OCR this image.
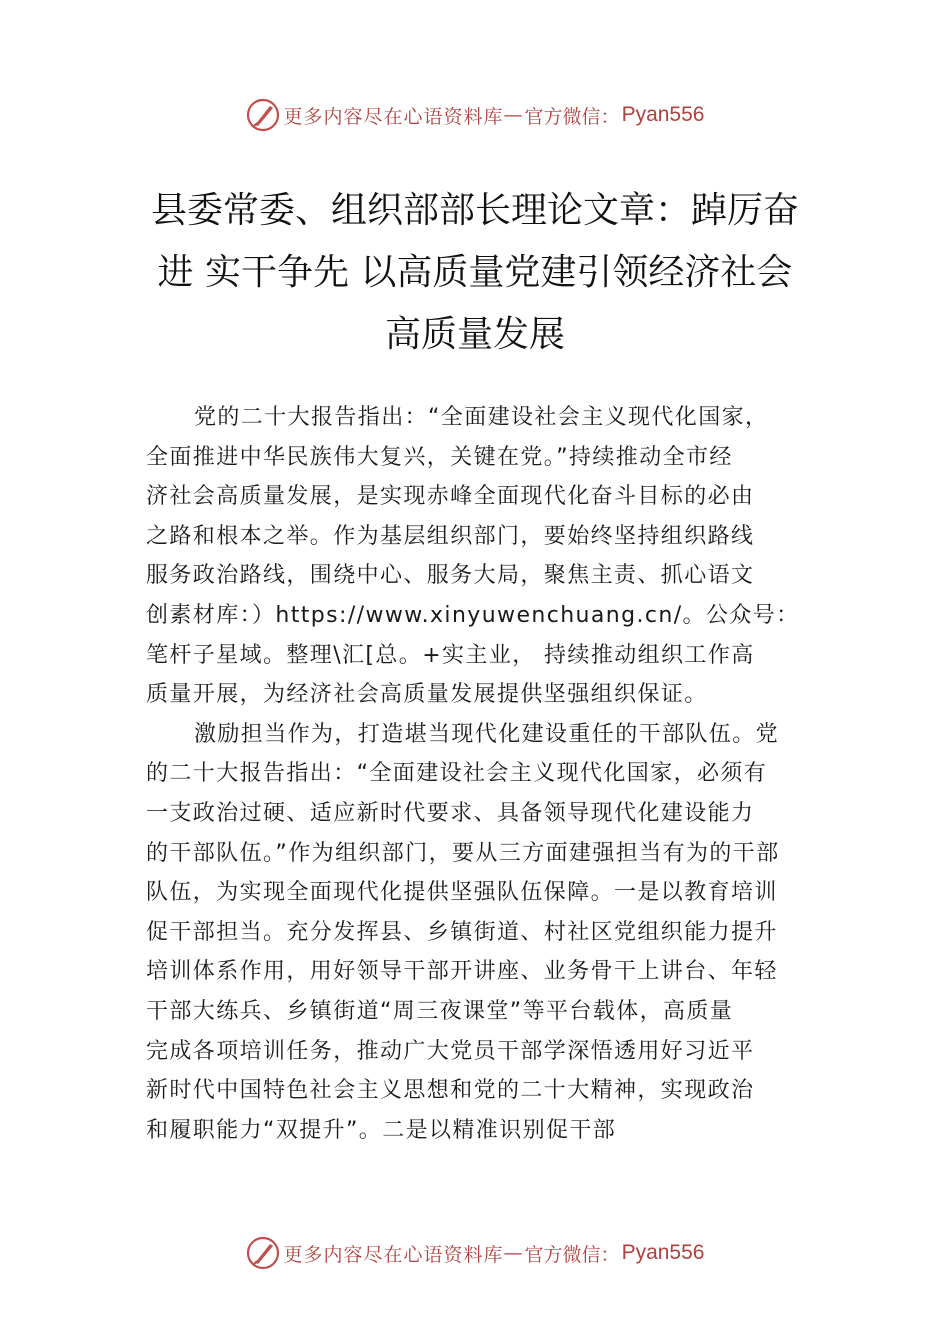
更多内容尽在心语资料库 — 官方微信： Pyan556
县委常委、组织部部长理论文章：踔厉奋
进 实干争先 以高质量党建引领经济社会
高质量发展

党的二十大报告指出：“全面建设社会主义现代化国家，
全面推进中华民族伟大复兴，关键在党。”持续推动全市经
济社会高质量发展，是实现赤峰全面现代化奋斗目标的必由
之路和根本之举。作为基层组织部门，要始终坚持组织路线
服务政治路线，围绕中心、服务大局，聚焦主责、抓心语文
创素材库：）https://www.xinyuwenchuang.cn/。公众号：
笔杆子星域。整理\汇[总。+实主业， 持续推动组织工作高
质量开展，为经济社会高质量发展提供坚强组织保证。

激励担当作为，打造堪当现代化建设重任的干部队伍。党
的二十大报告指出：“全面建设社会主义现代化国家，必须有
一支政治过硬、适应新时代要求、具备领导现代化建设能力
的干部队伍。”作为组织部门，要从三方面建强担当有为的干部
队伍，为实现全面现代化提供坚强队伍保障。一是以教育培训
促干部担当。充分发挥县、乡镇街道、村社区党组织能力提升
培训体系作用，用好领导干部开讲座、业务骨干上讲台、年轻
干部大练兵、乡镇街道“周三夜课堂”等平台载体，高质量
完成各项培训任务，推动广大党员干部学深悟透用好习近平
新时代中国特色社会主义思想和党的二十大精神，实现政治
和履职能力“双提升”。二是以精准识别促干部

更多内容尽在心语资料库 — 官方微信： Pyan556
